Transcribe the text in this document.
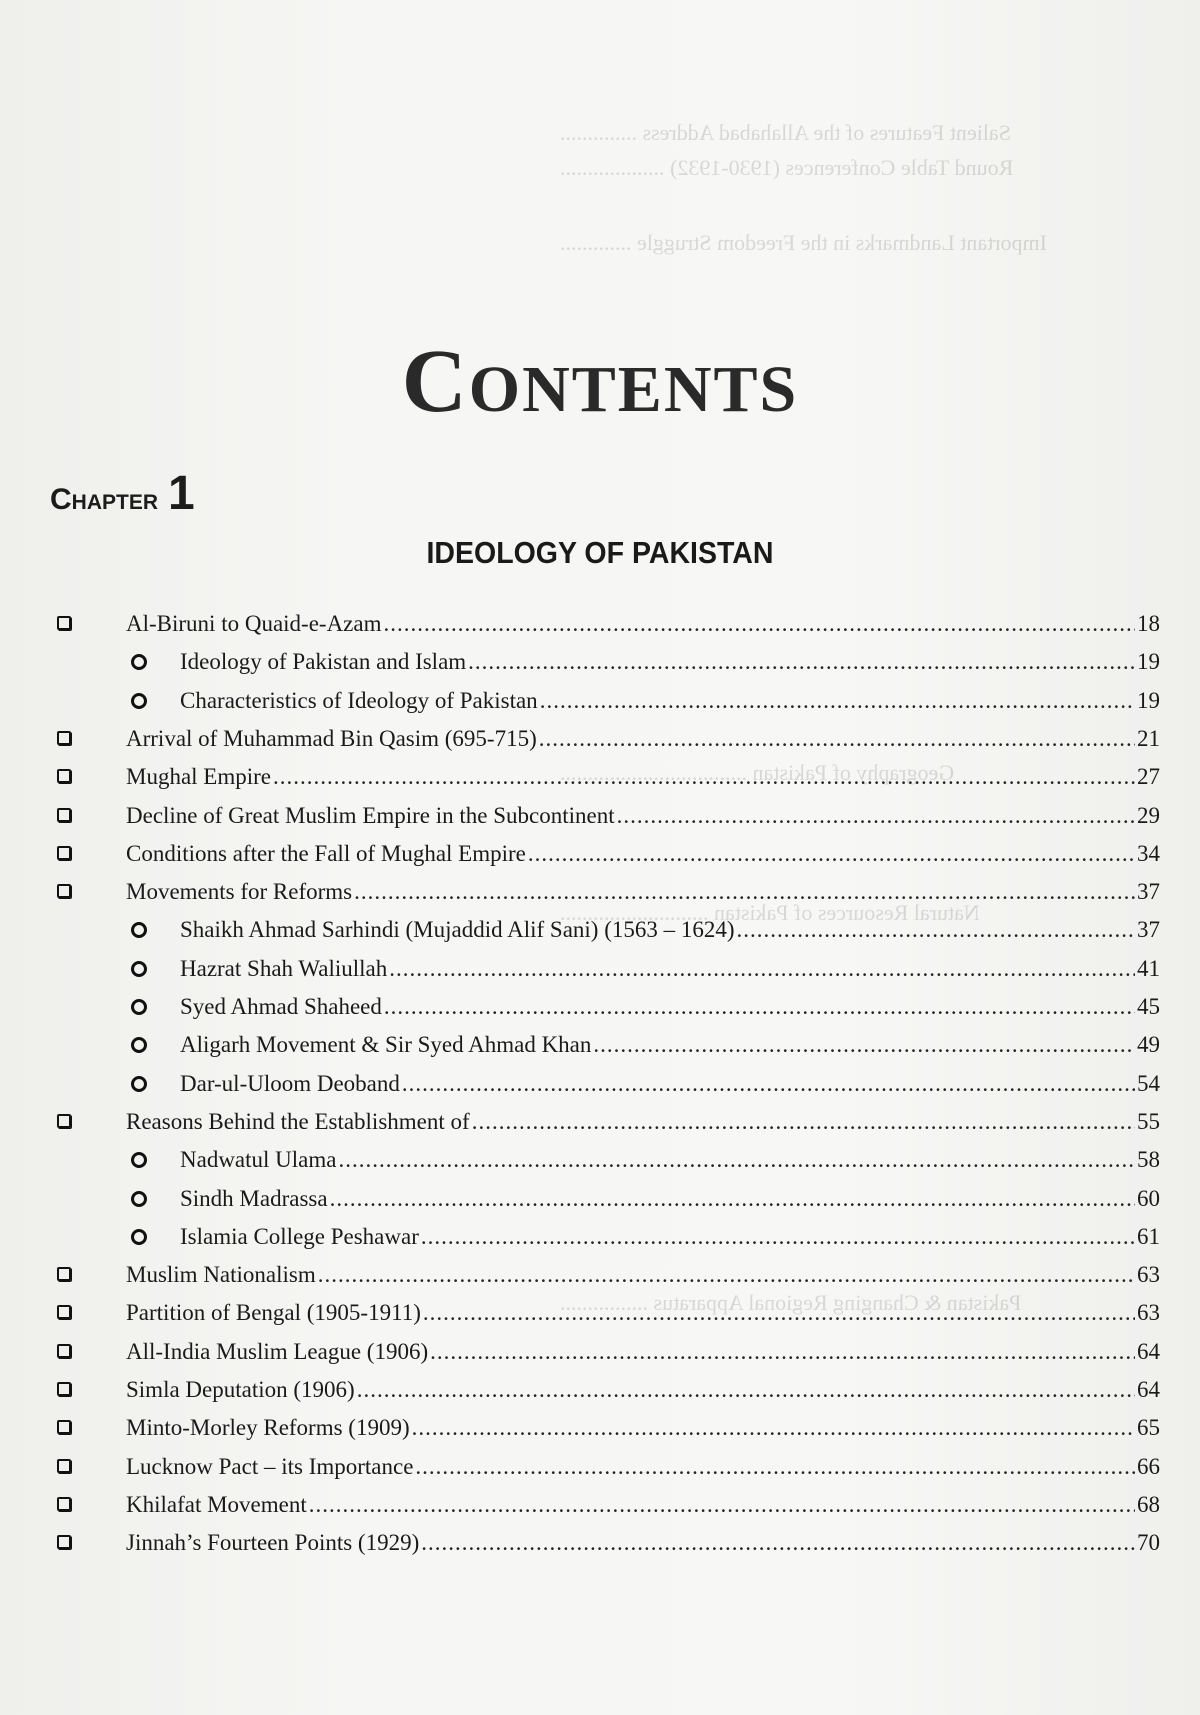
Salient Features of the Allahabad Address ..............
Round Table Conferences (1930-1932) ...................
Important Landmarks in the Freedom Struggle .............
Geography of Pakistan ..................................
Natural Resources of Pakistan ...........................
Pakistan & Changing Regional Apparatus ................
CONTENTS
Chapter 1
IDEOLOGY OF PAKISTAN
Al-Biruni to Quaid-e-Azam .....	18
Ideology of Pakistan and Islam .....	19
Characteristics of Ideology of Pakistan .....	19
Arrival of Muhammad Bin Qasim (695-715) .....	21
Mughal Empire .....	27
Decline of Great Muslim Empire in the Subcontinent .....	29
Conditions after the Fall of Mughal Empire .....	34
Movements for Reforms .....	37
Shaikh Ahmad Sarhindi (Mujaddid Alif Sani) (1563 – 1624) .....	37
Hazrat Shah Waliullah .....	41
Syed Ahmad Shaheed .....	45
Aligarh Movement & Sir Syed Ahmad Khan .....	49
Dar-ul-Uloom Deoband .....	54
Reasons Behind the Establishment of .....	55
Nadwatul Ulama .....	58
Sindh Madrassa .....	60
Islamia College Peshawar .....	61
Muslim Nationalism .....	63
Partition of Bengal (1905-1911) .....	63
All-India Muslim League (1906) .....	64
Simla Deputation (1906) .....	64
Minto-Morley Reforms (1909) .....	65
Lucknow Pact – its Importance .....	66
Khilafat Movement .....	68
Jinnah’s Fourteen Points (1929) .....	70
